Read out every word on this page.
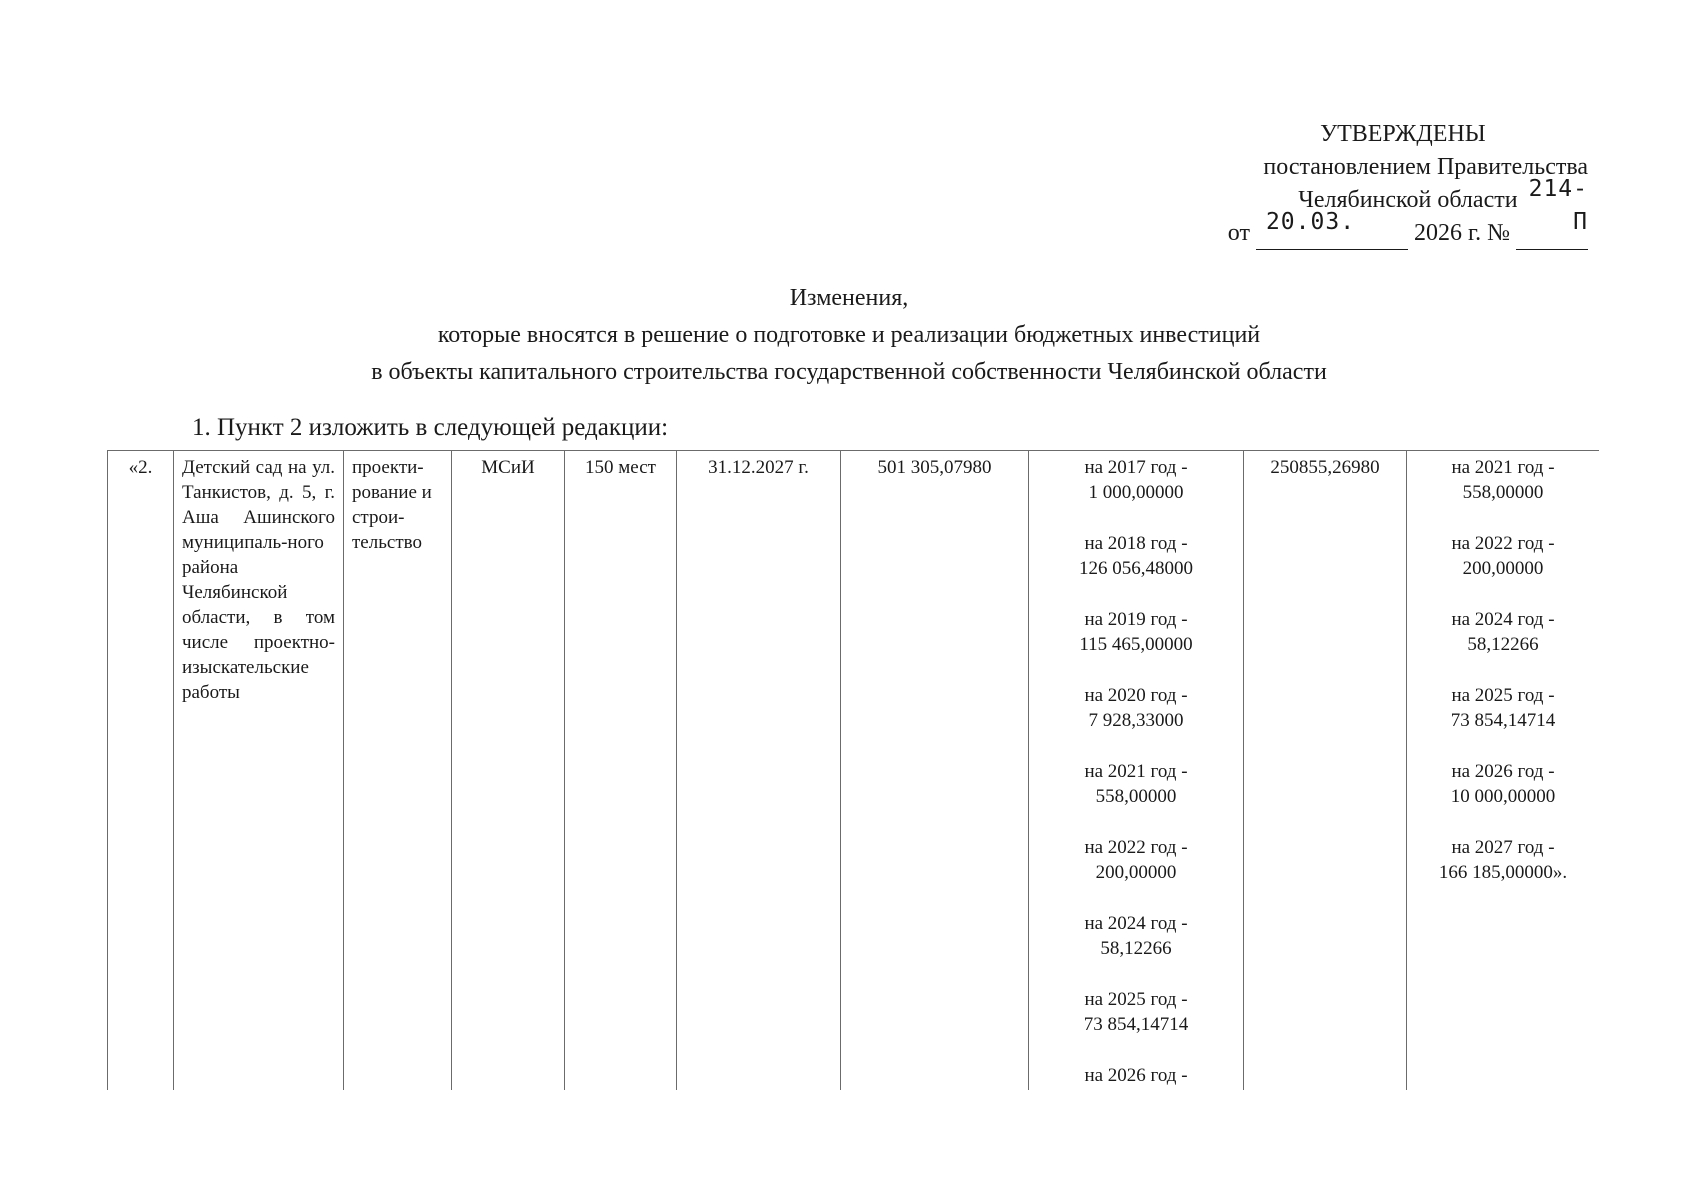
УТВЕРЖДЕНЫ
постановлением Правительства
Челябинской области
от 20.03. 2026 г. №
214-П
Изменения,
которые вносятся в решение о подготовке и реализации бюджетных инвестиций
в объекты капитального строительства государственной собственности Челябинской области
1. Пункт 2 изложить в следующей редакции:
«2.	Детский сад на ул. Танкистов, д. 5, г. Аша Ашинского муниципаль-ного района Челябинской области, в том числе проектно-изыскательские работы	проекти-рование и строи-тельство	МСиИ	150 мест	31.12.2027 г.	501 305,07980	на 2017 год -
1 000,00000
на 2018 год -
126 056,48000
на 2019 год -
115 465,00000
на 2020 год -
7 928,33000
на 2021 год -
558,00000
на 2022 год -
200,00000
на 2024 год -
58,12266
на 2025 год -
73 854,14714
на 2026 год -
	250855,26980	на 2021 год -
558,00000
на 2022 год -
200,00000
на 2024 год -
58,12266
на 2025 год -
73 854,14714
на 2026 год -
10 000,00000
на 2027 год -
166 185,00000».
